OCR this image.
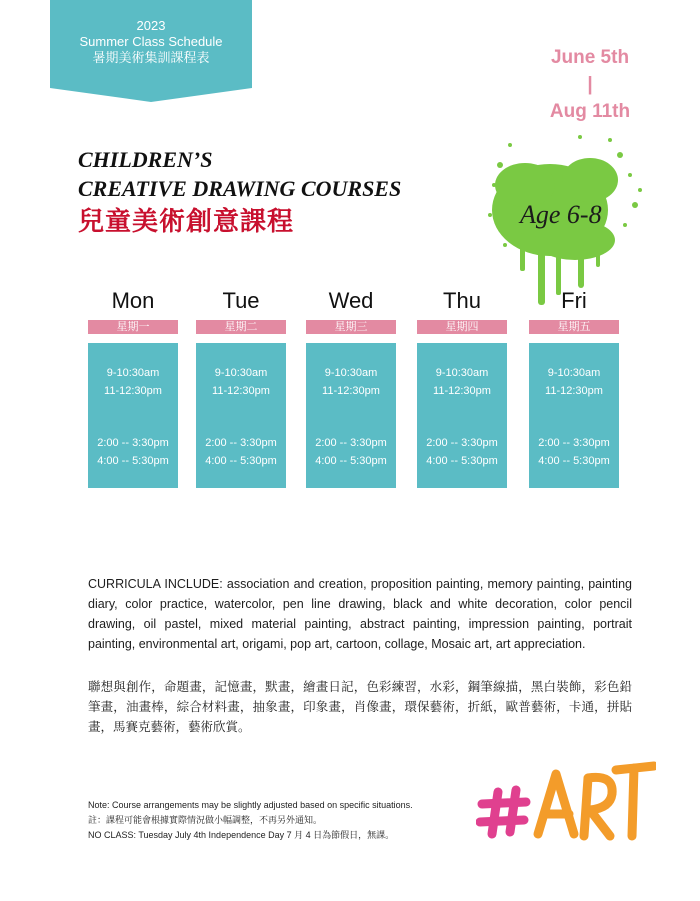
2023
Summer Class Schedule
暑期美術集訓課程表	June 5th
|
Aug 11th
Age 6-8
CHILDREN’S
CREATIVE DRAWING COURSES
兒童美術創意課程
Mon
星期一
9-10:30am
11-12:30pm
2:00 -- 3:30pm
4:00 -- 5:30pm
Tue
星期二
9-10:30am
11-12:30pm
2:00 -- 3:30pm
4:00 -- 5:30pm
Wed
星期三
9-10:30am
11-12:30pm
2:00 -- 3:30pm
4:00 -- 5:30pm
Thu
星期四
9-10:30am
11-12:30pm
2:00 -- 3:30pm
4:00 -- 5:30pm
Fri
星期五
9-10:30am
11-12:30pm
2:00 -- 3:30pm
4:00 -- 5:30pm
CURRICULA INCLUDE: association and creation, proposition painting, memory painting, painting diary, color practice, watercolor, pen line drawing, black and white decoration, color pencil drawing, oil pastel, mixed material painting, abstract painting, impression painting, portrait painting, environmental art, origami, pop art, cartoon, collage, Mosaic art, art appreciation.
聯想與創作，命題畫，記憶畫，默畫，繪畫日記，色彩練習，水彩，鋼筆線描，黑白裝飾，彩色鉛筆畫，油畫棒，綜合材料畫，抽象畫，印象畫，肖像畫，環保藝術，折紙，歐普藝術，卡通，拼貼畫，馬賽克藝術，藝術欣賞。
Note: Course arrangements may be slightly adjusted based on specific situations.
註：課程可能會根據實際情況做小幅調整，不再另外通知。
NO CLASS: Tuesday July 4th Independence Day 7 月 4 日為節假日，無課。
